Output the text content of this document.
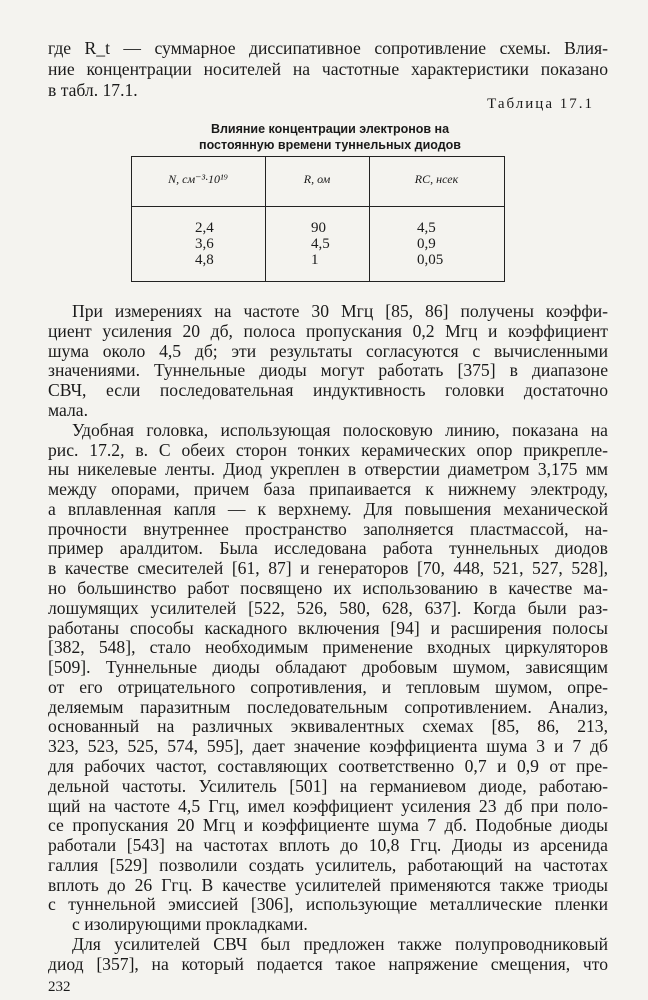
где R_t — суммарное диссипативное сопротивление схемы. Влия-
ние концентрации носителей на частотные характеристики показано
в табл. 17.1.
Таблица 17.1
Влияние концентрации электронов на
постоянную времени туннельных диодов
N, см⁻³·10¹⁹	R, ом	RC, нсек
2,4
3,6
4,8
90
4,5
1
4,5
0,9
0,05
При измерениях на частоте 30 Мгц [85, 86] получены коэффи-
циент усиления 20 дб, полоса пропускания 0,2 Мгц и коэффициент
шума около 4,5 дб; эти результаты согласуются с вычисленными
значениями. Туннельные диоды могут работать [375] в диапазоне
СВЧ, если последовательная индуктивность головки достаточно
мала.
Удобная головка, использующая полосковую линию, показана на
рис. 17.2, в. С обеих сторон тонких керамических опор прикрепле-
ны никелевые ленты. Диод укреплен в отверстии диаметром 3,175 мм
между опорами, причем база припаивается к нижнему электроду,
а вплавленная капля — к верхнему. Для повышения механической
прочности внутреннее пространство заполняется пластмассой, на-
пример аралдитом. Была исследована работа туннельных диодов
в качестве смесителей [61, 87] и генераторов [70, 448, 521, 527, 528],
но большинство работ посвящено их использованию в качестве ма-
лошумящих усилителей [522, 526, 580, 628, 637]. Когда были раз-
работаны способы каскадного включения [94] и расширения полосы
[382, 548], стало необходимым применение входных циркуляторов
[509]. Туннельные диоды обладают дробовым шумом, зависящим
от его отрицательного сопротивления, и тепловым шумом, опре-
деляемым паразитным последовательным сопротивлением. Анализ,
основанный на различных эквивалентных схемах [85, 86, 213,
323, 523, 525, 574, 595], дает значение коэффициента шума 3 и 7 дб
для рабочих частот, составляющих соответственно 0,7 и 0,9 от пре-
дельной частоты. Усилитель [501] на германиевом диоде, работаю-
щий на частоте 4,5 Ггц, имел коэффициент усиления 23 дб при поло-
се пропускания 20 Мгц и коэффициенте шума 7 дб. Подобные диоды
работали [543] на частотах вплоть до 10,8 Ггц. Диоды из арсенида
галлия [529] позволили создать усилитель, работающий на частотах
вплоть до 26 Ггц. В качестве усилителей применяются также триоды
с туннельной эмиссией [306], использующие металлические пленки
с изолирующими прокладками.
Для усилителей СВЧ был предложен также полупроводниковый
диод [357], на который подается такое напряжение смещения, что
232
